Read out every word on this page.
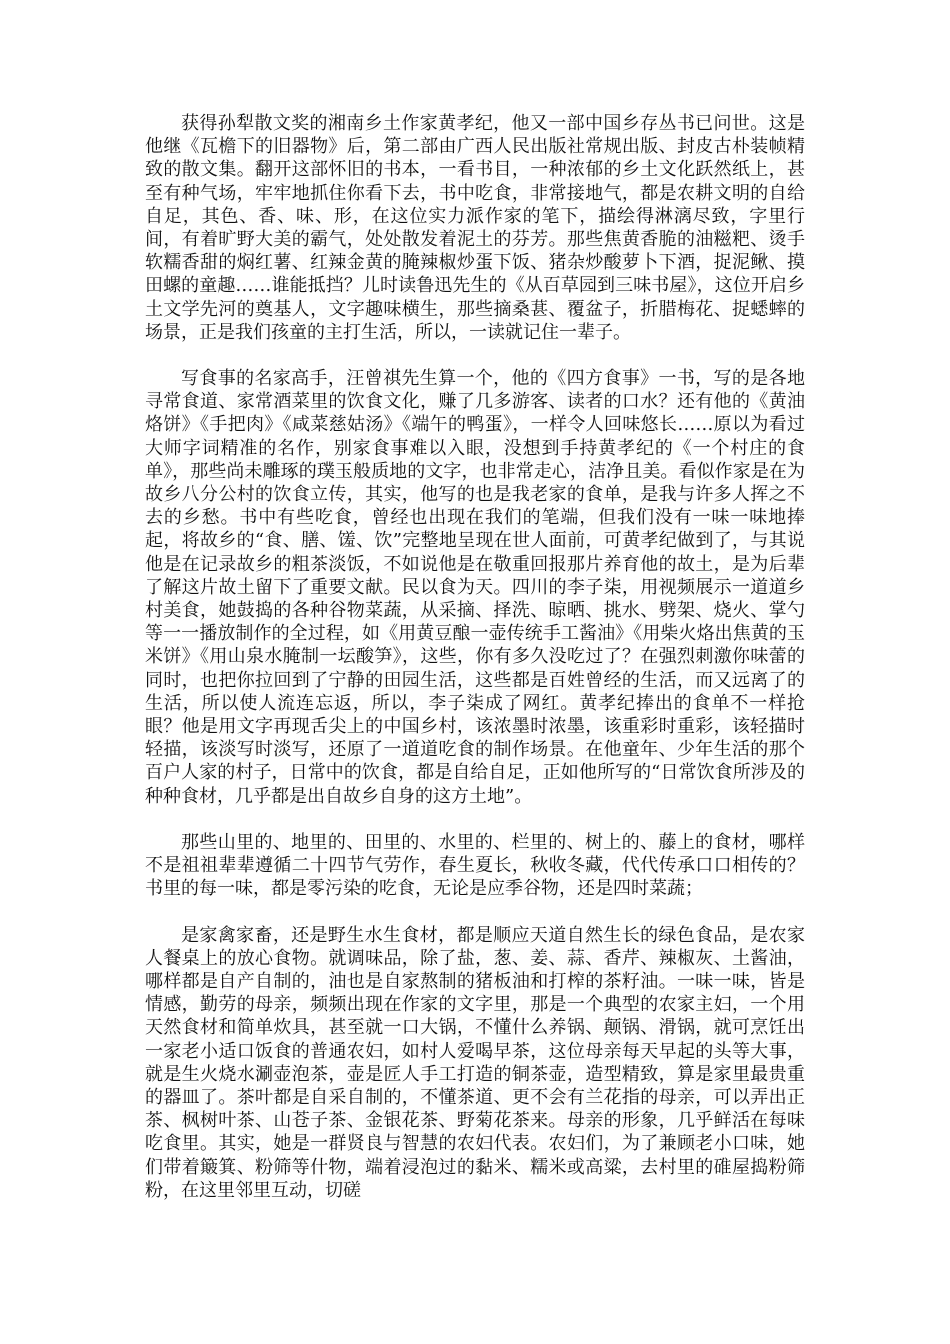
获得孙犁散文奖的湘南乡土作家黄孝纪，他又一部中国乡存丛书已问世。这是他继《瓦檐下的旧器物》后，第二部由广西人民出版社常规出版、封皮古朴装帧精致的散文集。翻开这部怀旧的书本，一看书目，一种浓郁的乡土文化跃然纸上，甚至有种气场，牢牢地抓住你看下去，书中吃食，非常接地气，都是农耕文明的自给自足，其色、香、味、形，在这位实力派作家的笔下，描绘得淋漓尽致，字里行间，有着旷野大美的霸气，处处散发着泥土的芬芳。那些焦黄香脆的油糍粑、烫手软糯香甜的焖红薯、红辣金黄的腌辣椒炒蛋下饭、猪杂炒酸萝卜下酒，捉泥鳅、摸田螺的童趣……谁能抵挡？儿时读鲁迅先生的《从百草园到三味书屋》，这位开启乡土文学先河的奠基人，文字趣味横生，那些摘桑葚、覆盆子，折腊梅花、捉蟋蟀的场景，正是我们孩童的主打生活，所以，一读就记住一辈子。

写食事的名家高手，汪曾祺先生算一个，他的《四方食事》一书，写的是各地寻常食道、家常酒菜里的饮食文化，赚了几多游客、读者的口水？还有他的《黄油烙饼》《手把肉》《咸菜慈姑汤》《端午的鸭蛋》，一样令人回味悠长……原以为看过大师字词精准的名作，别家食事难以入眼，没想到手持黄孝纪的《一个村庄的食单》，那些尚未雕琢的璞玉般质地的文字，也非常走心，洁净且美。看似作家是在为故乡八分公村的饮食立传，其实，他写的也是我老家的食单，是我与许多人挥之不去的乡愁。书中有些吃食，曾经也出现在我们的笔端，但我们没有一味一味地捧起，将故乡的“食、膳、馐、饮”完整地呈现在世人面前，可黄孝纪做到了，与其说他是在记录故乡的粗茶淡饭，不如说他是在敬重回报那片养育他的故土，是为后辈了解这片故土留下了重要文献。民以食为天。四川的李子柒，用视频展示一道道乡村美食，她鼓捣的各种谷物菜蔬，从采摘、择洗、晾晒、挑水、劈架、烧火、掌勺等一一播放制作的全过程，如《用黄豆酿一壶传统手工酱油》《用柴火烙出焦黄的玉米饼》《用山泉水腌制一坛酸笋》，这些，你有多久没吃过了？在强烈刺激你味蕾的同时，也把你拉回到了宁静的田园生活，这些都是百姓曾经的生活，而又远离了的生活，所以使人流连忘返，所以，李子柒成了网红。黄孝纪捧出的食单不一样抢眼？他是用文字再现舌尖上的中国乡村，该浓墨时浓墨，该重彩时重彩，该轻描时轻描，该淡写时淡写，还原了一道道吃食的制作场景。在他童年、少年生活的那个百户人家的村子，日常中的饮食，都是自给自足，正如他所写的“日常饮食所涉及的种种食材，几乎都是出自故乡自身的这方土地”。

那些山里的、地里的、田里的、水里的、栏里的、树上的、藤上的食材，哪样不是祖祖辈辈遵循二十四节气劳作，春生夏长，秋收冬藏，代代传承口口相传的？书里的每一味，都是零污染的吃食，无论是应季谷物，还是四时菜蔬；

是家禽家畜，还是野生水生食材，都是顺应天道自然生长的绿色食品，是农家人餐桌上的放心食物。就调味品，除了盐，葱、姜、蒜、香芹、辣椒灰、土酱油，哪样都是自产自制的，油也是自家熬制的猪板油和打榨的茶籽油。一味一味，皆是情感，勤劳的母亲，频频出现在作家的文字里，那是一个典型的农家主妇，一个用天然食材和简单炊具，甚至就一口大锅，不懂什么养锅、颠锅、滑锅，就可烹饪出一家老小适口饭食的普通农妇，如村人爱喝早茶，这位母亲每天早起的头等大事，就是生火烧水涮壶泡茶，壶是匠人手工打造的铜茶壶，造型精致，算是家里最贵重的器皿了。茶叶都是自采自制的，不懂茶道、更不会有兰花指的母亲，可以弄出正茶、枫树叶茶、山苍子茶、金银花茶、野菊花茶来。母亲的形象，几乎鲜活在每味吃食里。其实，她是一群贤良与智慧的农妇代表。农妇们，为了兼顾老小口味，她们带着簸箕、粉筛等什物，端着浸泡过的黏米、糯米或高粱，去村里的碓屋捣粉筛粉，在这里邻里互动，切磋
